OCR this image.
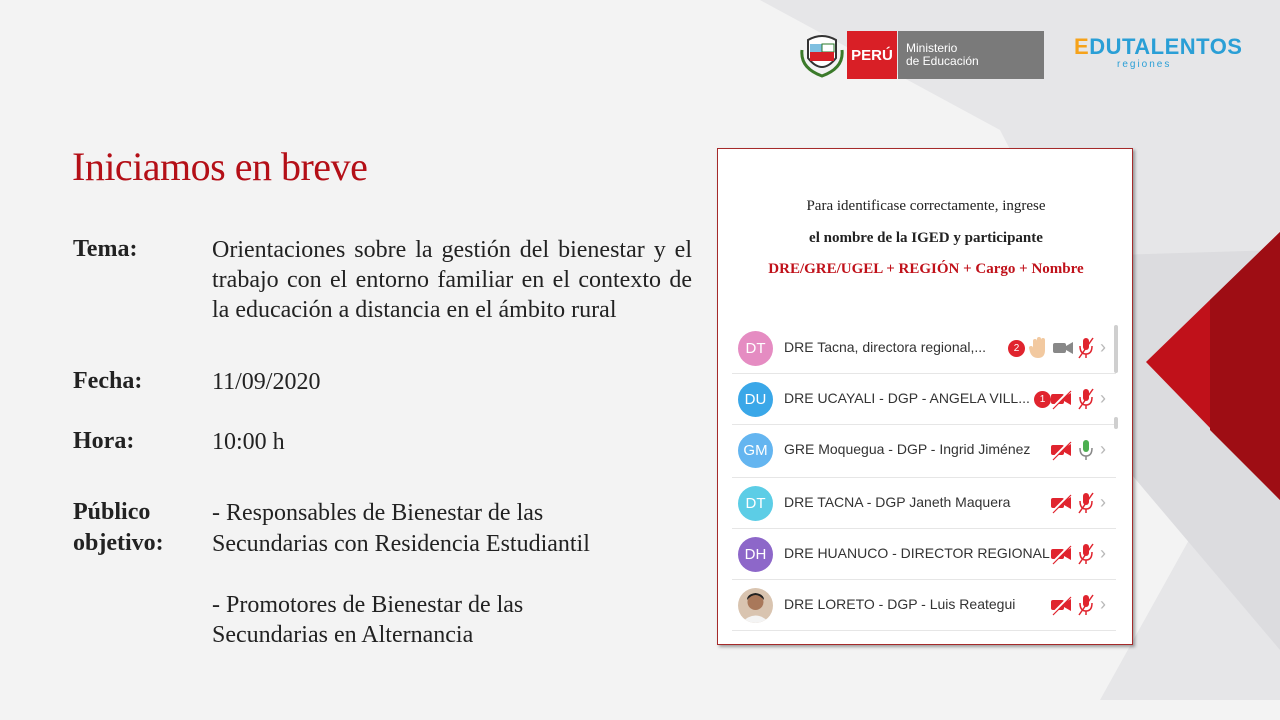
PERÚ Ministerio
de Educación
EDUTALENTOS
regiones
Iniciamos en breve
Tema:	Orientaciones sobre la gestión del bienestar y el trabajo con el entorno familiar en el contexto de la educación a distancia en el ámbito rural
Fecha:	11/09/2020
Hora:	10:00 h
Público
objetivo:
- Responsables de Bienestar de las
Secundarias con Residencia Estudiantil
- Promotores de Bienestar de las
Secundarias en Alternancia
Para identificase correctamente, ingrese
el nombre de la IGED y participante
DRE/GRE/UGEL + REGIÓN + Cargo + Nombre
DT	DRE Tacna, directora regional,...	2	›
DU	DRE UCAYALI - DGP - ANGELA VILL... 1	›
GM	GRE Moquegua - DGP - Ingrid Jiménez	›
DT	DRE TACNA - DGP Janeth Maquera	›
DH	DRE HUANUCO - DIRECTOR REGIONAL	›
DRE LORETO - DGP - Luis Reategui	›
